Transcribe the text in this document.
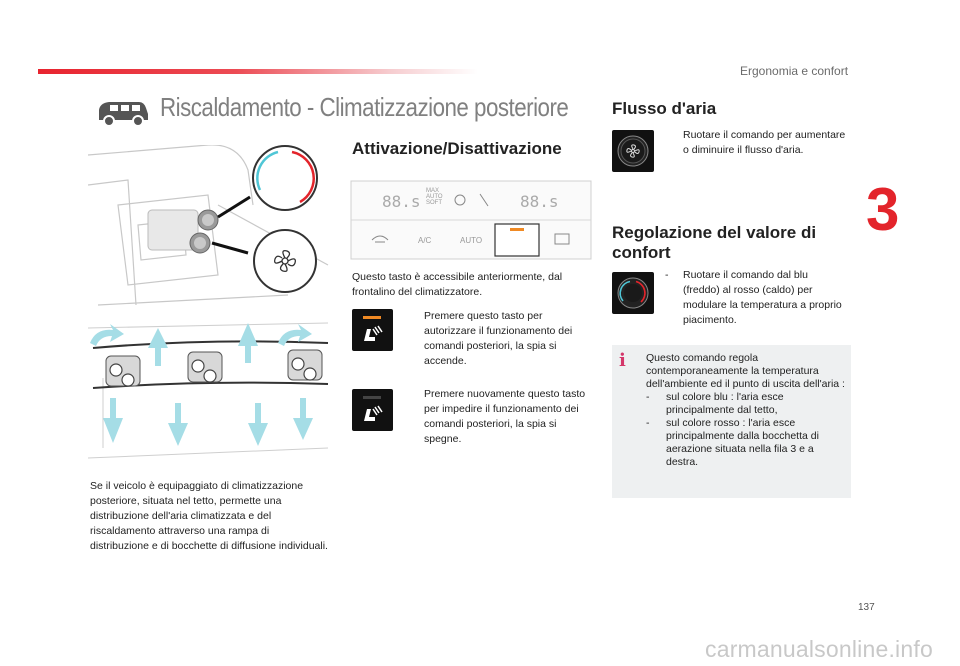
Ergonomia e confort
3
Riscaldamento - Climatizzazione posteriore
Se il veicolo è equipaggiato di climatizzazione posteriore, situata nel tetto, permette una distribuzione dell'aria climatizzata e del riscaldamento attraverso una rampa di distribuzione e di bocchette di diffusione individuali.
Attivazione/Disattivazione
88.s
MAX
AUTO
SOFT	88.s
A/C	AUTO
Questo tasto è accessibile anteriormente, dal frontalino del climatizzatore.
Premere questo tasto per autorizzare il funzionamento dei comandi posteriori, la spia si accende.
Premere nuovamente questo tasto per impedire il funzionamento dei comandi posteriori, la spia si spegne.
Flusso d'aria
Ruotare il comando per aumentare o diminuire il flusso d'aria.
Regolazione del valore di confort
- Ruotare il comando dal blu (freddo) al rosso (caldo) per modulare la temperatura a proprio piacimento.
i Questo comando regola contemporaneamente la temperatura dell'ambiente ed il punto di uscita dell'aria :
-	sul colore blu : l'aria esce principalmente dal tetto,
-	sul colore rosso : l'aria esce principalmente dalla bocchetta di aerazione situata nella fila 3 e a destra.
137
carmanualsonline.info
